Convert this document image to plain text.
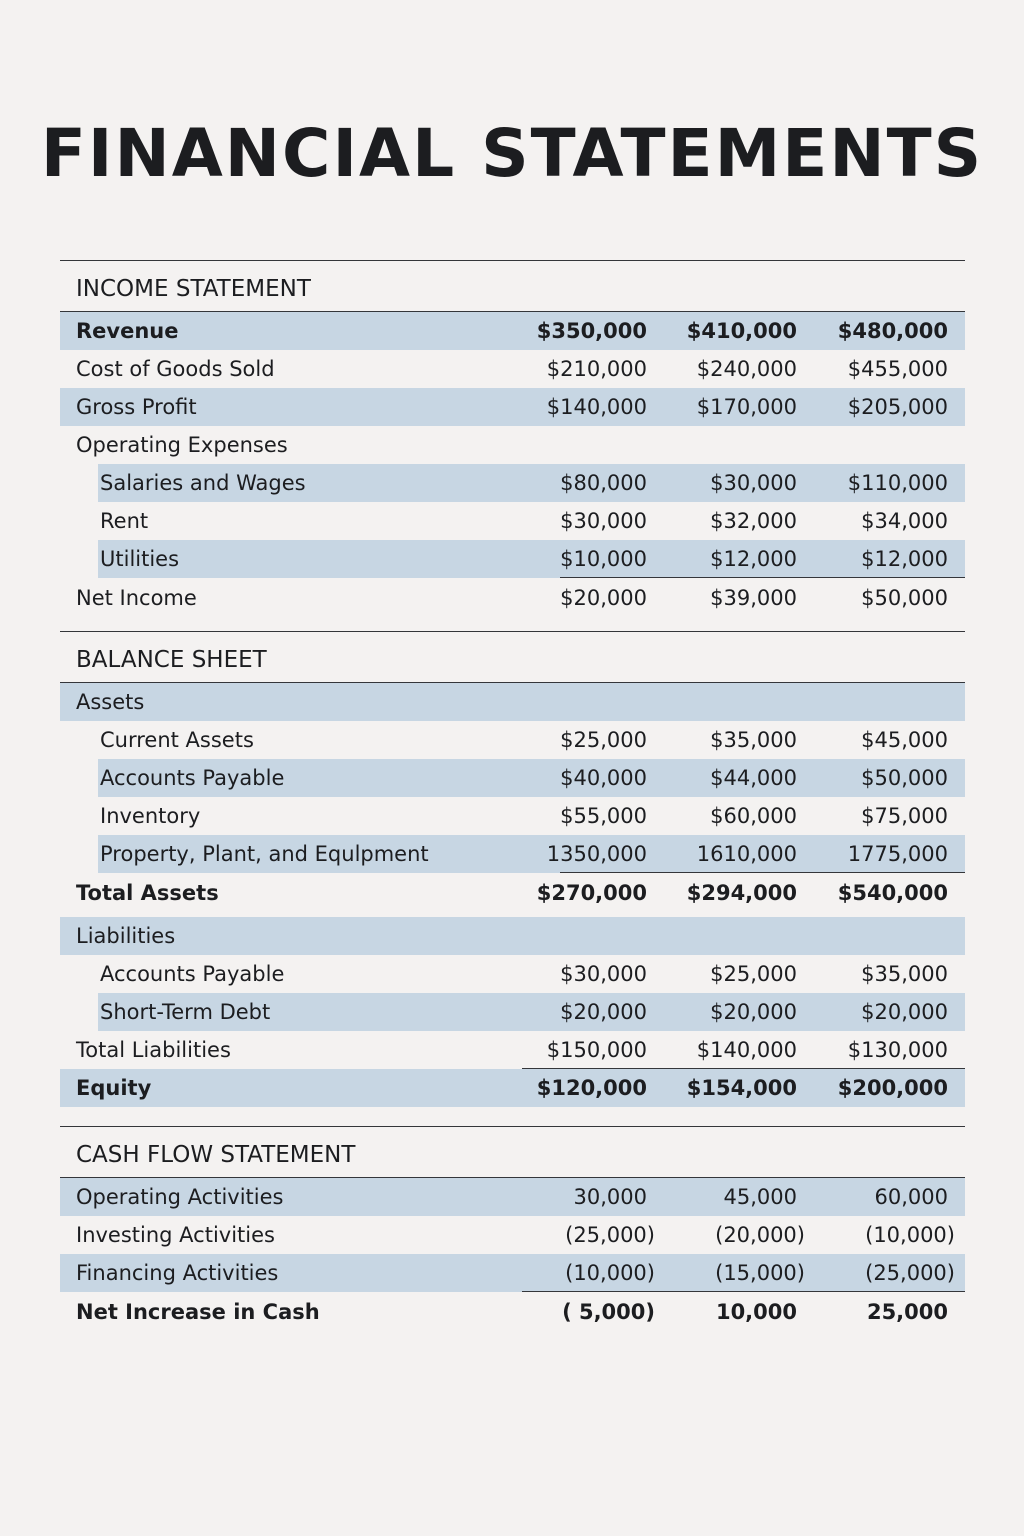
FINANCIAL STATEMENTS
INCOME STATEMENT
Revenue	$350,000	$410,000	$480,000
Cost of Goods Sold	$210,000	$240,000	$455,000
Gross Profit	$140,000	$170,000	$205,000
Operating Expenses
Salaries and Wages	$80,000	$30,000	$110,000
Rent	$30,000	$32,000	$34,000
Utilities	$10,000	$12,000	$12,000
Net Income	$20,000	$39,000	$50,000
BALANCE SHEET
Assets
Current Assets	$25,000	$35,000	$45,000
Accounts Payable	$40,000	$44,000	$50,000
Inventory	$55,000	$60,000	$75,000
Property, Plant, and Equlpment	1350,000	1610,000	1775,000
Total Assets	$270,000	$294,000	$540,000
Liabilities
Accounts Payable	$30,000	$25,000	$35,000
Short-Term Debt	$20,000	$20,000	$20,000
Total Liabilities	$150,000	$140,000	$130,000
Equity	$120,000	$154,000	$200,000
CASH FLOW STATEMENT
Operating Activities	30,000	45,000	60,000
Investing Activities	(25,000)	(20,000)	(10,000)
Financing Activities	(10,000)	(15,000)	(25,000)
Net Increase in Cash	( 5,000)	10,000	25,000
